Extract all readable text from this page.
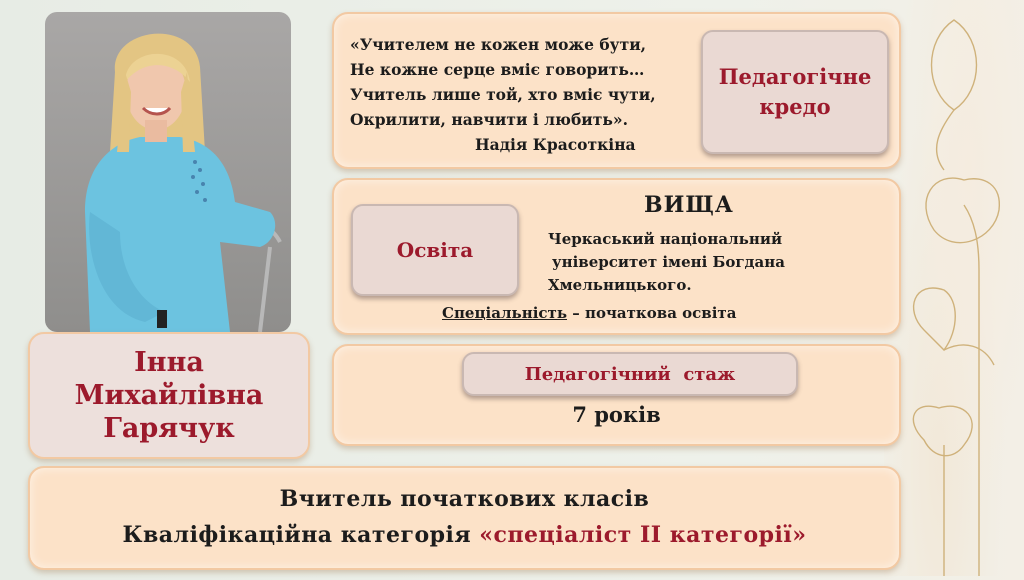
Інна
Михайлівна
Гарячук
«Учителем не кожен може бути,
Не кожне серце вміє говорить…
Учитель лише той, хто вміє чути,
Окрилити, навчити і любить».
Надія Красоткіна
Педагогічне
кредо
Освіта
ВИЩА
Черкаський національний
університет імені Богдана
Хмельницького.
Спеціальність – початкова освіта
Педагогічний  стаж
7 років
Вчитель початкових класів
Кваліфікаційна категорія «спеціаліст ІІ категорії»
